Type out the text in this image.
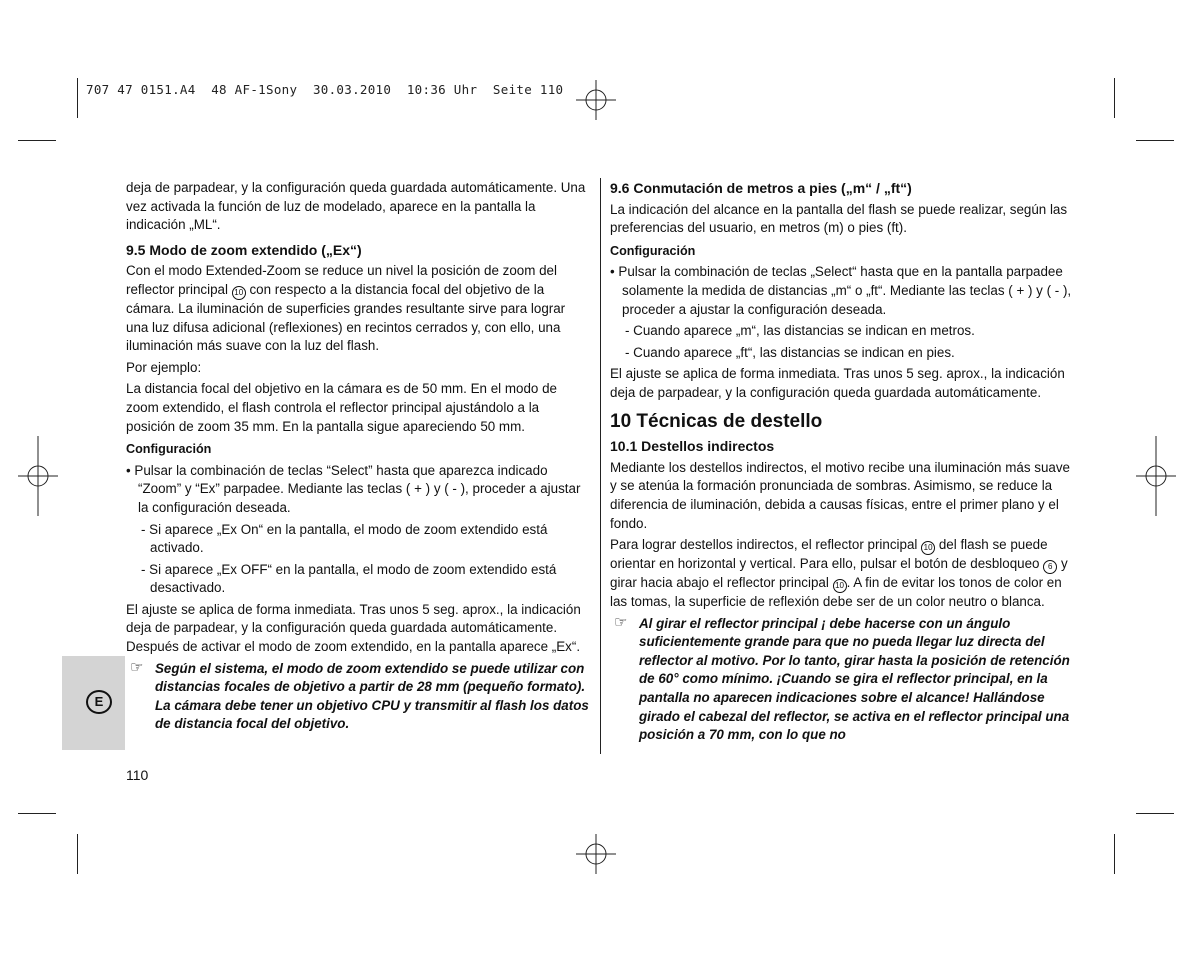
707 47 0151.A4  48 AF-1Sony  30.03.2010  10:36 Uhr  Seite 110
E

deja de parpadear, y la configuración queda guardada automáticamente. Una vez activada la función de luz de modelado, aparece en la pantalla la indicación „ML“.

9.5 Modo de zoom extendido („Ex“)

Con el modo Extended-Zoom se reduce un nivel la posición de zoom del reflector principal 10 con respecto a la distancia focal del objetivo de la cámara. La iluminación de superficies grandes resultante sirve para lograr una luz difusa adicional (reflexiones) en recintos cerrados y, con ello, una iluminación más suave con la luz del flash.

Por ejemplo:

La distancia focal del objetivo en la cámara es de 50 mm. En el modo de zoom extendido, el flash controla el reflector principal ajustándolo a la posición de zoom 35 mm. En la pantalla sigue apareciendo 50 mm.

Configuración

• Pulsar la combinación de teclas “Select” hasta que aparezca indicado “Zoom” y “Ex” parpadee. Mediante las teclas ( + ) y ( - ), proceder a ajustar la configuración deseada.

- Si aparece „Ex On“ en la pantalla, el modo de zoom extendido está activado.

- Si aparece „Ex OFF“ en la pantalla, el modo de zoom extendido está desactivado.

El ajuste se aplica de forma inmediata. Tras unos 5 seg. aprox., la indicación deja de parpadear, y la configuración queda guardada automáticamente.

Después de activar el modo de zoom extendido, en la pantalla aparece „Ex“.

☞ Según el sistema, el modo de zoom extendido se puede utilizar con distancias focales de objetivo a partir de 28 mm (pequeño formato). La cámara debe tener un objetivo CPU y transmitir al flash los datos de distancia focal del objetivo.
9.6 Conmutación de metros a pies („m“ / „ft“)

La indicación del alcance en la pantalla del flash se puede realizar, según las preferencias del usuario, en metros (m) o pies (ft).

Configuración

• Pulsar la combinación de teclas „Select“ hasta que en la pantalla parpadee solamente la medida de distancias „m“ o „ft“. Mediante las teclas ( + ) y ( - ), proceder a ajustar la configuración deseada.

- Cuando aparece „m“, las distancias se indican en metros.

- Cuando aparece „ft“, las distancias se indican en pies.

El ajuste se aplica de forma inmediata. Tras unos 5 seg. aprox., la indicación deja de parpadear, y la configuración queda guardada automáticamente.

10 Técnicas de destello
10.1 Destellos indirectos

Mediante los destellos indirectos, el motivo recibe una iluminación más suave y se atenúa la formación pronunciada de sombras. Asimismo, se reduce la diferencia de iluminación, debida a causas físicas, entre el primer plano y el fondo.

Para lograr destellos indirectos, el reflector principal 10 del flash se puede orientar en horizontal y vertical. Para ello, pulsar el botón de desbloqueo 6 y girar hacia abajo el reflector principal 10 . A fin de evitar los tonos de color en las tomas, la superficie de reflexión debe ser de un color neutro o blanca.

☞ Al girar el reflector principal ¡ debe hacerse con un ángulo suficientemente grande para que no pueda llegar luz directa del reflector al motivo. Por lo tanto, girar hasta la posición de retención de 60° como mínimo. ¡Cuando se gira el reflector principal, en la pantalla no aparecen indicaciones sobre el alcance! Hallándose girado el cabezal del reflector, se activa en el reflector principal una posición a 70 mm, con lo que no
110
